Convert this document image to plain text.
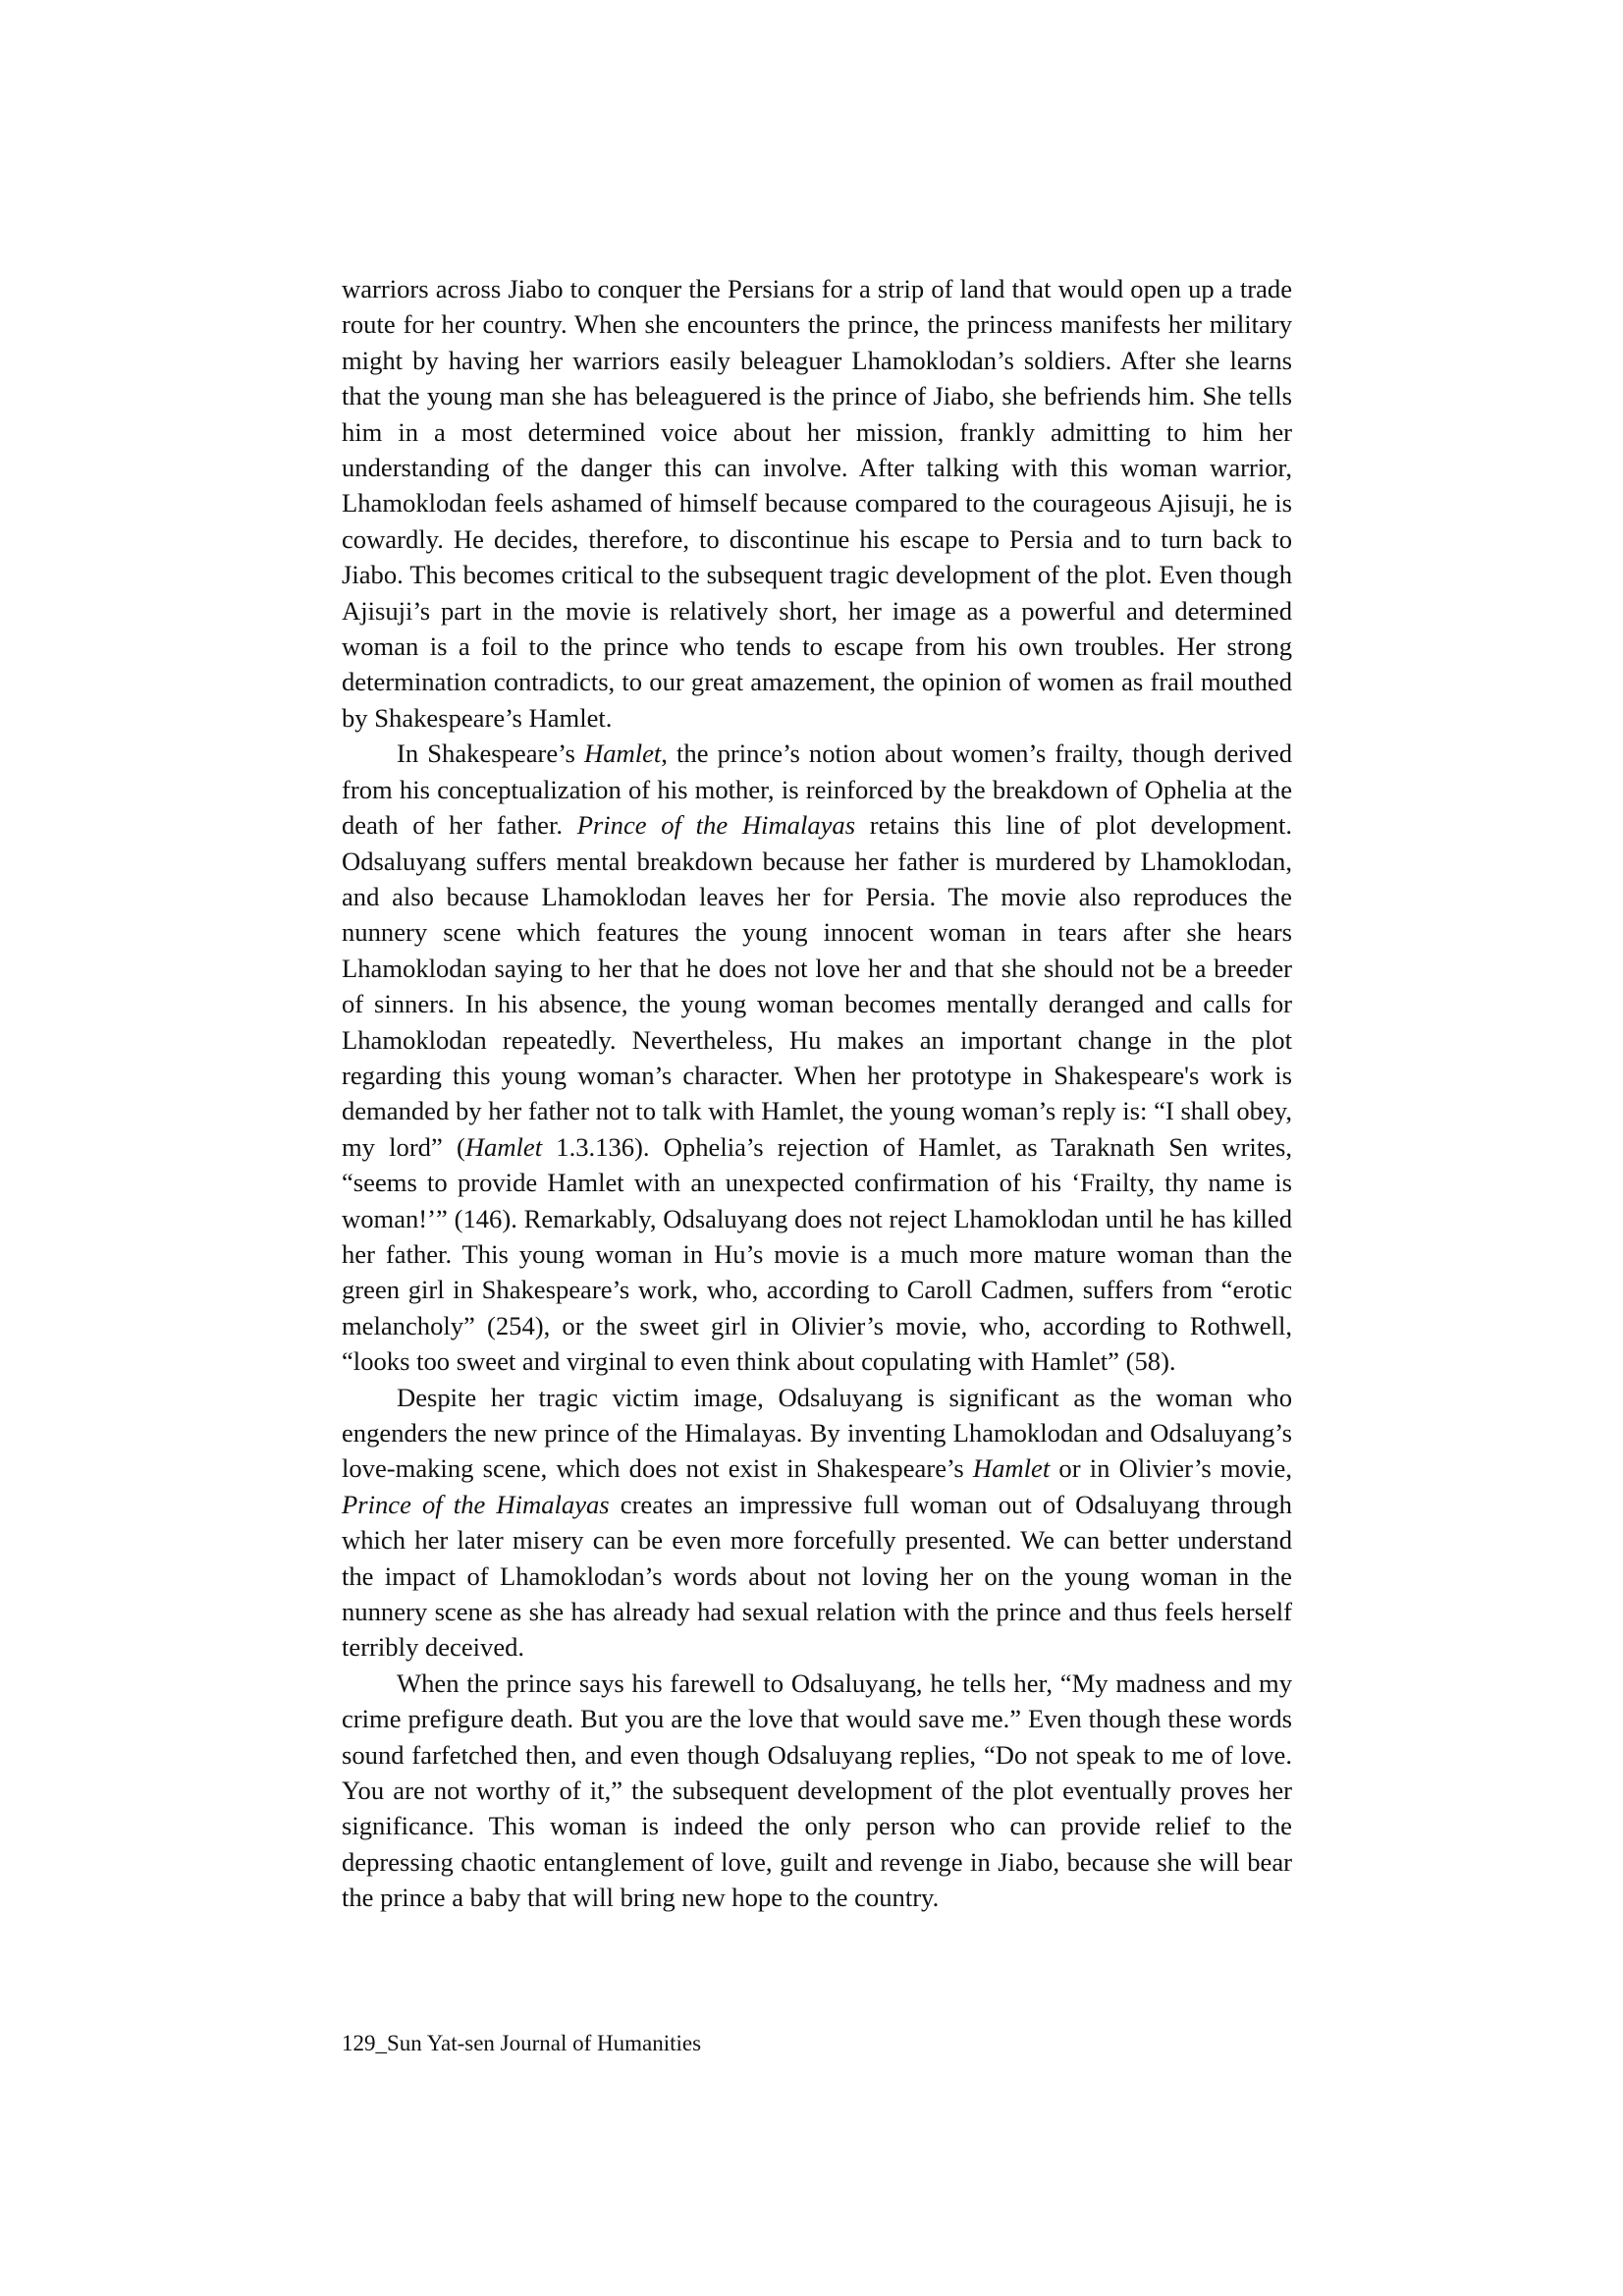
warriors across Jiabo to conquer the Persians for a strip of land that would open up a trade route for her country. When she encounters the prince, the princess manifests her military might by having her warriors easily beleaguer Lhamoklodan’s soldiers. After she learns that the young man she has beleaguered is the prince of Jiabo, she befriends him. She tells him in a most determined voice about her mission, frankly admitting to him her understanding of the danger this can involve. After talking with this woman warrior, Lhamoklodan feels ashamed of himself because compared to the courageous Ajisuji, he is cowardly. He decides, therefore, to discontinue his escape to Persia and to turn back to Jiabo. This becomes critical to the subsequent tragic development of the plot. Even though Ajisuji’s part in the movie is relatively short, her image as a powerful and determined woman is a foil to the prince who tends to escape from his own troubles. Her strong determination contradicts, to our great amazement, the opinion of women as frail mouthed by Shakespeare’s Hamlet.

In Shakespeare’s Hamlet, the prince’s notion about women’s frailty, though derived from his conceptualization of his mother, is reinforced by the breakdown of Ophelia at the death of her father. Prince of the Himalayas retains this line of plot development. Odsaluyang suffers mental breakdown because her father is murdered by Lhamoklodan, and also because Lhamoklodan leaves her for Persia. The movie also reproduces the nunnery scene which features the young innocent woman in tears after she hears Lhamoklodan saying to her that he does not love her and that she should not be a breeder of sinners. In his absence, the young woman becomes mentally deranged and calls for Lhamoklodan repeatedly. Nevertheless, Hu makes an important change in the plot regarding this young woman’s character. When her prototype in Shakespeare's work is demanded by her father not to talk with Hamlet, the young woman’s reply is: “I shall obey, my lord” (Hamlet 1.3.136). Ophelia’s rejection of Hamlet, as Taraknath Sen writes, “seems to provide Hamlet with an unexpected confirmation of his ‘Frailty, thy name is woman!’” (146). Remarkably, Odsaluyang does not reject Lhamoklodan until he has killed her father. This young woman in Hu’s movie is a much more mature woman than the green girl in Shakespeare’s work, who, according to Caroll Cadmen, suffers from “erotic melancholy” (254), or the sweet girl in Olivier’s movie, who, according to Rothwell, “looks too sweet and virginal to even think about copulating with Hamlet” (58).

Despite her tragic victim image, Odsaluyang is significant as the woman who engenders the new prince of the Himalayas. By inventing Lhamoklodan and Odsaluyang’s love-making scene, which does not exist in Shakespeare’s Hamlet or in Olivier’s movie, Prince of the Himalayas creates an impressive full woman out of Odsaluyang through which her later misery can be even more forcefully presented. We can better understand the impact of Lhamoklodan’s words about not loving her on the young woman in the nunnery scene as she has already had sexual relation with the prince and thus feels herself terribly deceived.

When the prince says his farewell to Odsaluyang, he tells her, “My madness and my crime prefigure death. But you are the love that would save me.” Even though these words sound farfetched then, and even though Odsaluyang replies, “Do not speak to me of love. You are not worthy of it,” the subsequent development of the plot eventually proves her significance. This woman is indeed the only person who can provide relief to the depressing chaotic entanglement of love, guilt and revenge in Jiabo, because she will bear the prince a baby that will bring new hope to the country.

129_Sun Yat-sen Journal of Humanities
